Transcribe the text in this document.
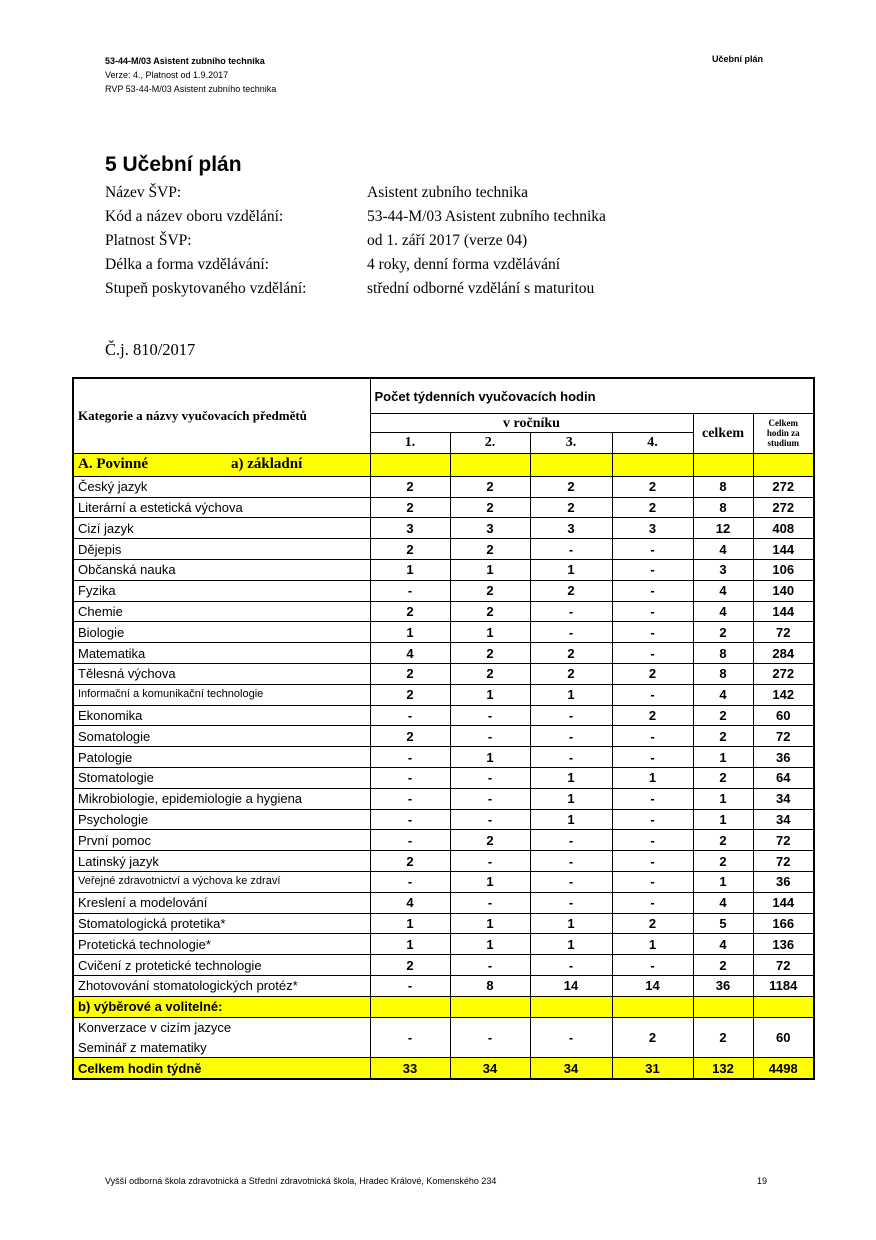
53-44-M/03 Asistent zubního technika
Verze: 4., Platnost od 1.9.2017
RVP 53-44-M/03 Asistent zubního technika
Učební plán
5 Učební plán
Název ŠVP:	Asistent zubního technika
Kód a název oboru vzdělání:	53-44-M/03 Asistent zubního technika
Platnost ŠVP:	od 1. září 2017 (verze 04)
Délka a forma vzdělávání:	4 roky, denní forma vzdělávání
Stupeň poskytovaného vzdělání:	střední odborné vzdělání s maturitou
Č.j. 810/2017
Kategorie a názvy vyučovacích předmětů		Počet týdenních vyučovacích hodin					
		v ročníku				celkem	Celkem hodin za studium
		1.	2.	3.	4.		
A. Povinné	a) základní						
Český jazyk		2	2	2	2	8	272
Literární a estetická výchova		2	2	2	2	8	272
Cizí jazyk		3	3	3	3	12	408
Dějepis		2	2	-	-	4	144
Občanská nauka		1	1	1	-	3	106
Fyzika		-	2	2	-	4	140
Chemie		2	2	-	-	4	144
Biologie		1	1	-	-	2	72
Matematika		4	2	2	-	8	284
Tělesná výchova		2	2	2	2	8	272
Informační a komunikační technologie		2	1	1	-	4	142
Ekonomika		-	-	-	2	2	60
Somatologie		2	-	-	-	2	72
Patologie		-	1	-	-	1	36
Stomatologie		-	-	1	1	2	64
Mikrobiologie, epidemiologie a hygiena		-	-	1	-	1	34
Psychologie		-	-	1	-	1	34
První pomoc		-	2	-	-	2	72
Latinský jazyk		2	-	-	-	2	72
Veřejné zdravotnictví a výchova ke zdraví		-	1	-	-	1	36
Kreslení a modelování		4	-	-	-	4	144
Stomatologická protetika*		1	1	1	2	5	166
Protetická technologie*		1	1	1	1	4	136
Cvičení z protetické technologie		2	-	-	-	2	72
Zhotovování stomatologických protéz*		-	8	14	14	36	1184
b) výběrové a volitelné:							
Konverzace v cizím jazyce		-	-	-	2	2	60
Seminář z matematiky							
Celkem hodin týdně		33	34	34	31	132	4498
Vyšší odborná škola zdravotnická a Střední zdravotnická škola, Hradec Králové, Komenského 234	19
